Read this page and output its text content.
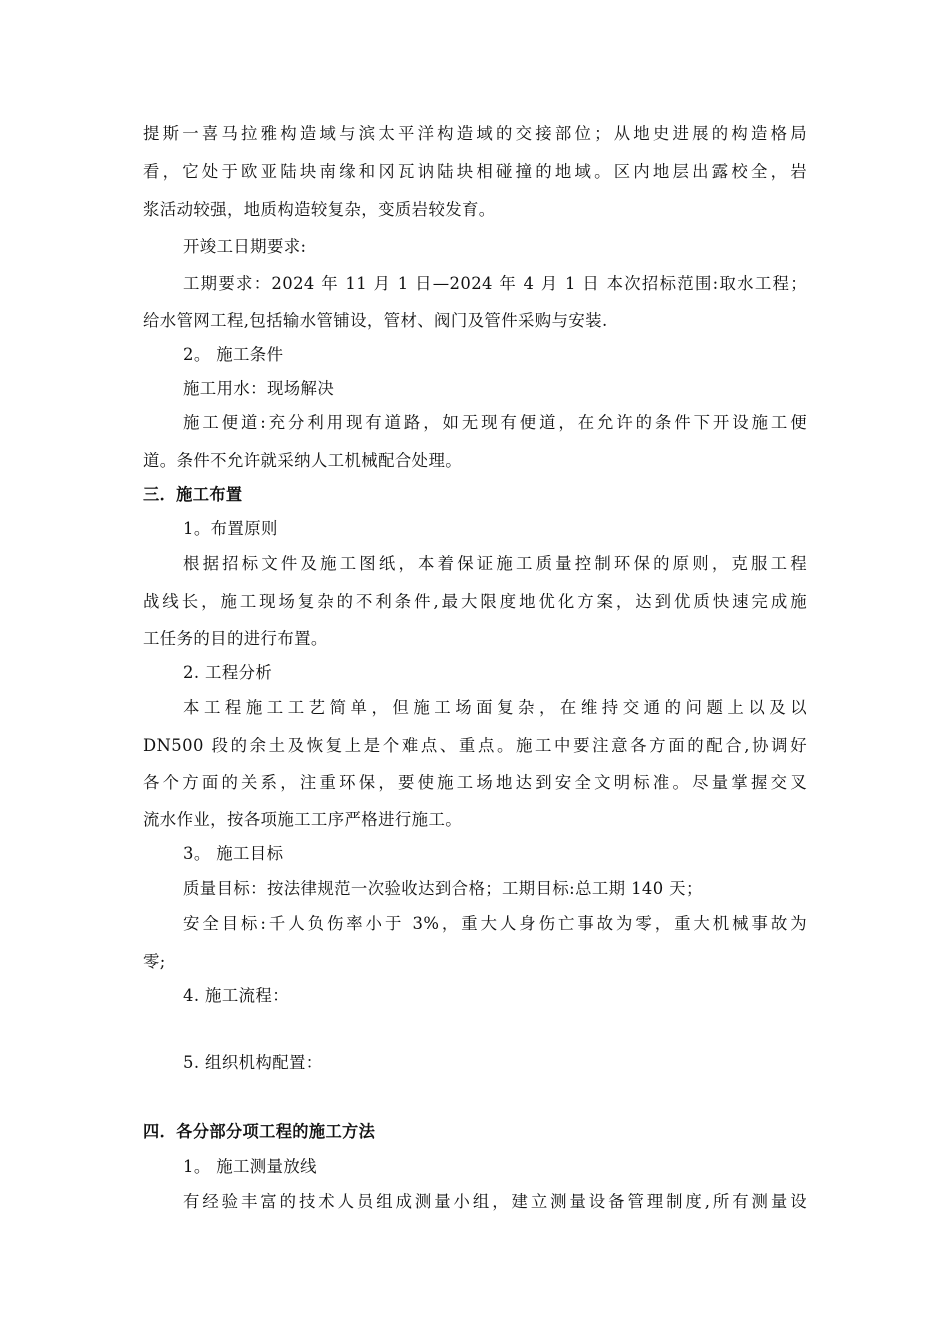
提斯一喜马拉雅构造域与滨太平洋构造域的交接部位；从地史进展的构造格局
看，它处于欧亚陆块南缘和冈瓦讷陆块相碰撞的地域。区内地层出露校全，岩
浆活动较强，地质构造较复杂，变质岩较发育。
开竣工日期要求:
工期要求：2024 年 11 月 1 日—2024 年 4 月 1 日 本次招标范围:取水工程；
给水管网工程,包括输水管铺设，管材、阀门及管件采购与安装.
2。 施工条件
施工用水：现场解决
施工便道:充分利用现有道路，如无现有便道，在允许的条件下开设施工便
道。条件不允许就采纳人工机械配合处理。
三．施工布置
1。布置原则
根据招标文件及施工图纸，本着保证施工质量控制环保的原则，克服工程
战线长，施工现场复杂的不利条件,最大限度地优化方案，达到优质快速完成施
工任务的目的进行布置。
2. 工程分析
本工程施工工艺简单，但施工场面复杂，在维持交通的问题上以及以
DN500 段的余土及恢复上是个难点、重点。施工中要注意各方面的配合,协调好
各个方面的关系，注重环保，要使施工场地达到安全文明标准。尽量掌握交叉
流水作业，按各项施工工序严格进行施工。
3。 施工目标
质量目标：按法律规范一次验收达到合格；工期目标:总工期 140 天；
安全目标:千人负伤率小于 3%，重大人身伤亡事故为零，重大机械事故为
零;
4. 施工流程：
5. 组织机构配置：
四．各分部分项工程的施工方法
1。 施工测量放线
有经验丰富的技术人员组成测量小组，建立测量设备管理制度,所有测量设
